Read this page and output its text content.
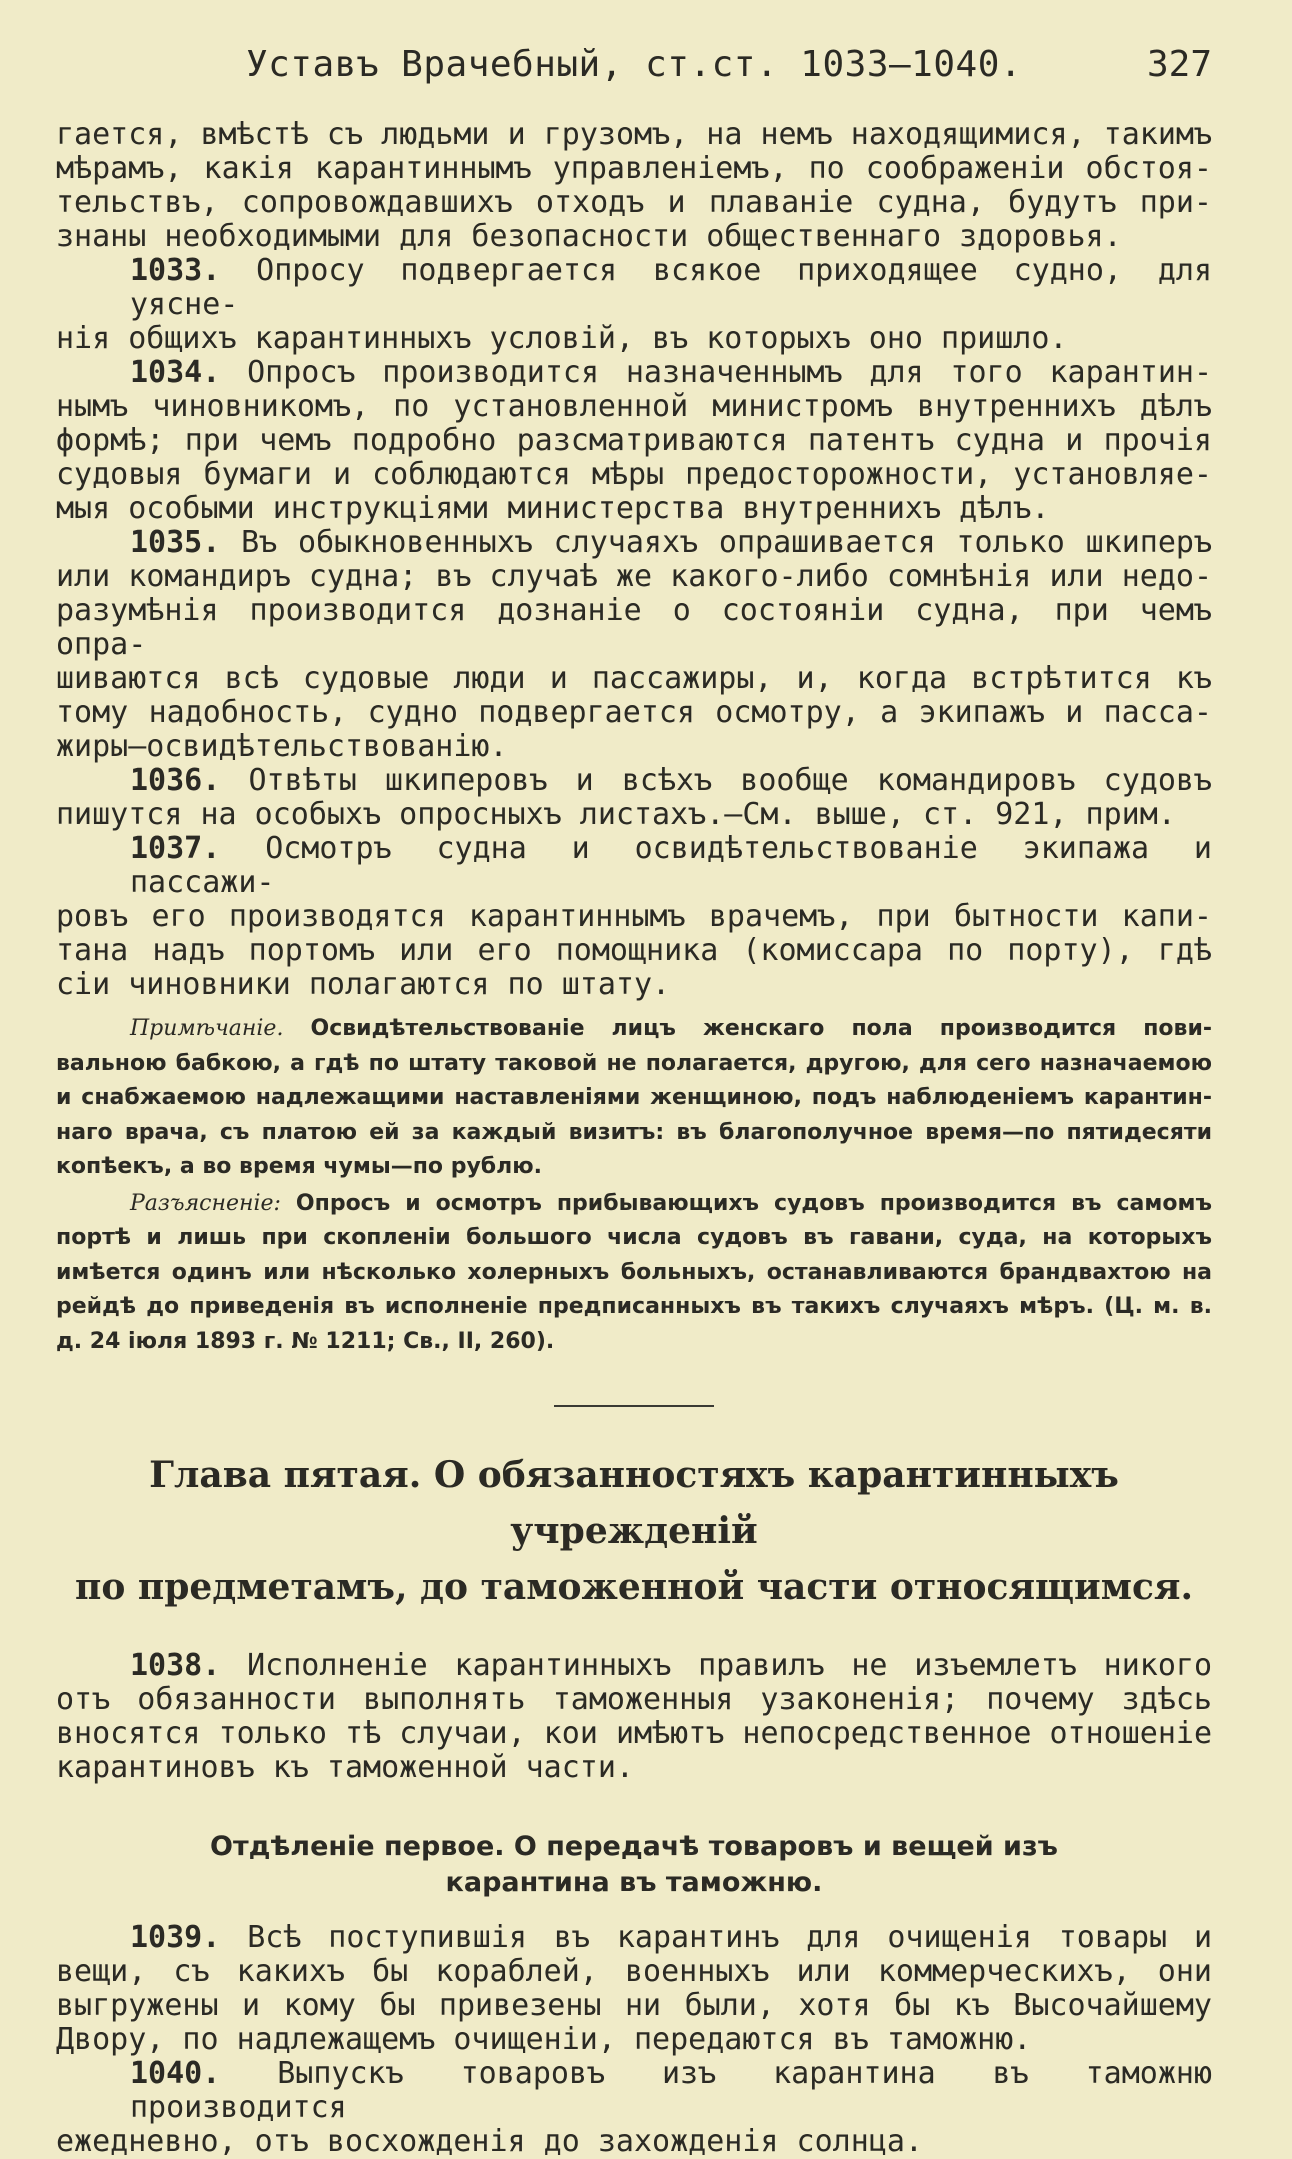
Уставъ Врачебный, ст.ст. 1033—1040.	327
гается, вмѣстѣ съ людьми и грузомъ, на немъ находящимися, такимъ
мѣрамъ, какія карантиннымъ управленіемъ, по соображеніи обстоя-
тельствъ, сопровождавшихъ отходъ и плаваніе судна, будутъ при-
знаны необходимыми для безопасности общественнаго здоровья.
1033. Опросу подвергается всякое приходящее судно, для уясне-
нія общихъ карантинныхъ условій, въ которыхъ оно пришло.
1034. Опросъ производится назначеннымъ для того карантин-
нымъ чиновникомъ, по установленной министромъ внутреннихъ дѣлъ
формѣ; при чемъ подробно разсматриваются патентъ судна и прочія
судовыя бумаги и соблюдаются мѣры предосторожности, установляе-
мыя особыми инструкціями министерства внутреннихъ дѣлъ.
1035. Въ обыкновенныхъ случаяхъ опрашивается только шкиперъ
или командиръ судна; въ случаѣ же какого-либо сомнѣнія или недо-
разумѣнія производится дознаніе о состояніи судна, при чемъ опра-
шиваются всѣ судовые люди и пассажиры, и, когда встрѣтится къ
тому надобность, судно подвергается осмотру, а экипажъ и пасса-
жиры—освидѣтельствованію.
1036. Отвѣты шкиперовъ и всѣхъ вообще командировъ судовъ
пишутся на особыхъ опросныхъ листахъ.—См. выше, ст. 921, прим.
1037. Осмотръ судна и освидѣтельствованіе экипажа и пассажи-
ровъ его производятся карантиннымъ врачемъ, при бытности капи-
тана надъ портомъ или его помощника (комиссара по порту), гдѣ
сіи чиновники полагаются по штату.
Примѣчаніе. Освидѣтельствованіе лицъ женскаго пола производится пови-
вальною бабкою, а гдѣ по штату таковой не полагается, другою, для сего назначаемою
и снабжаемою надлежащими наставленіями женщиною, подъ наблюденіемъ карантин-
наго врача, съ платою ей за каждый визитъ: въ благополучное время—по пятидесяти
копѣекъ, а во время чумы—по рублю.
Разъясненіе: Опросъ и осмотръ прибывающихъ судовъ производится въ самомъ
портѣ и лишь при скопленіи большого числа судовъ въ гавани, суда, на которыхъ
имѣется одинъ или нѣсколько холерныхъ больныхъ, останавливаются брандвахтою на
рейдѣ до приведенія въ исполненіе предписанныхъ въ такихъ случаяхъ мѣръ. (Ц. м. в.
д. 24 іюля 1893 г. № 1211; Св., II, 260).
Глава пятая. О обязанностяхъ карантинныхъ учрежденій
по предметамъ, до таможенной части относящимся.
1038. Исполненіе карантинныхъ правилъ не изъемлетъ никого
отъ обязанности выполнять таможенныя узаконенія; почему здѣсь
вносятся только тѣ случаи, кои имѣютъ непосредственное отношеніе
карантиновъ къ таможенной части.
Отдѣленіе первое. О передачѣ товаровъ и вещей изъ
карантина въ таможню.
1039. Всѣ поступившія въ карантинъ для очищенія товары и
вещи, съ какихъ бы кораблей, военныхъ или коммерческихъ, они
выгружены и кому бы привезены ни были, хотя бы къ Высочайшему
Двору, по надлежащемъ очищеніи, передаются въ таможню.
1040. Выпускъ товаровъ изъ карантина въ таможню производится
ежедневно, отъ восхожденія до захожденія солнца.
